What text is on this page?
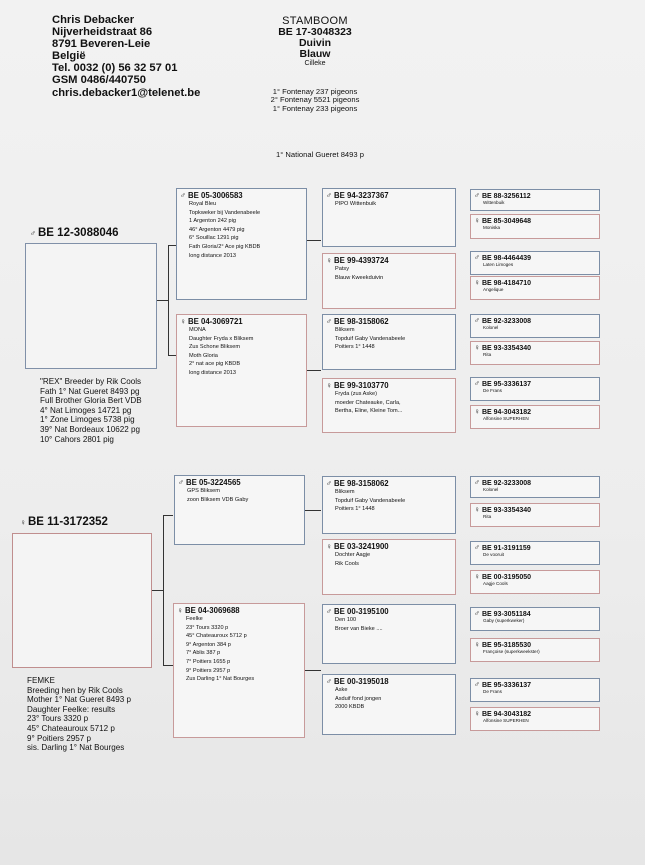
Chris Debacker
Nijverheidstraat 86
8791 Beveren-Leie
België
Tel. 0032 (0) 56 32 57 01
GSM 0486/440750
chris.debacker1@telenet.be
STAMBOOM
BE 17-3048323
Duivin
Blauw
Cilleke
1° Fontenay 237 pigeons
2° Fontenay 5521 pigeons
1° Fontenay 233 pigeons
1° National Gueret 8493 p
♂ BE 12-3088046
"REX" Breeder by Rik Cools
Fath 1° Nat Gueret 8493 pg
Full Brother Gloria Bert VDB
4° Nat Limoges 14721 pg
1° Zone Limoges 5738 pig
39° Nat Bordeaux 10622 pg
10° Cahors 2801 pig
♀ BE 11-3172352
FEMKE
Breeding hen by Rik Cools
Mother 1° Nat Gueret 8493 p
Daughter Feelke: results
23° Tours 3320 p
45° Chateauroux 5712 p
9° Poitiers 2957 p
sis. Darling 1° Nat Bourges
♂ BE 05-3006583
Royal Bleu
Topkweker bij Vandenabeele
1 Argenton 242 pig
46° Argenton 4479 pig
6° Souillac 1291 pig
Fath Gloria/2° Ace pig KBDB
long distance 2013
♀ BE 04-3069721
MONA
Daughter Fryda x Bliksem
Zus Schone Bliksem
Moth Gloria
2° nat ace pig KBDB
long distance 2013
♂ BE 05-3224565
GPS Bliksem
zoon Bliksem VDB Gaby
♀ BE 04-3069688
Feelke
23° Tours 3320 p
45° Chateauroux 5712 p
9° Argenton 384 p
7° Ablis 387 p
7° Poitiers 1655 p
9° Poitiers 2957 p
Zus Darling 1° Nat Bourges
♂ BE 94-3237367
PIPO Wittenbuik
♀ BE 99-4393724
Patsy
Blauw Kweekduivin
♂ BE 98-3158062
Bliksem
Topduif Gaby Vandenabeele
Poitiers 1° 1448
♀ BE 99-3103770
Fryda (zus Aske)
moeder Chateauke, Carla,
Bertha, Eline, Kleine Tom...
♂ BE 98-3158062
Bliksem
Topduif Gaby Vandenabeele
Poitiers 1° 1448
♀ BE 03-3241900
Dochter Aagje
Rik Cools
♂ BE 00-3195100
Den 100
Broer van Bieke ....
♂ BE 00-3195018
Aske
Asduif fond jongen
2000 KBDB
♂ BE 88-3256112
Wittenbuik
♀ BE 85-3049648
Moniska
♂ BE 98-4464439
Laten Limoges
♀ BE 98-4184710
Angelique
♂ BE 92-3233008
Kolonel
♀ BE 93-3354340
Rita
♂ BE 95-3336137
De Frans
♀ BE 94-3043182
Alfonsine SUPERHEN
♂ BE 92-3233008
Kolonel
♀ BE 93-3354340
Rita
♂ BE 91-3191159
De vooruit
♀ BE 00-3195050
Aagje Cools
♂ BE 93-3051184
Gaby (superkweker)
♀ BE 95-3185530
Françoise (superkweekster)
♂ BE 95-3336137
De Frans
♀ BE 94-3043182
Alfonsine SUPERHEN
